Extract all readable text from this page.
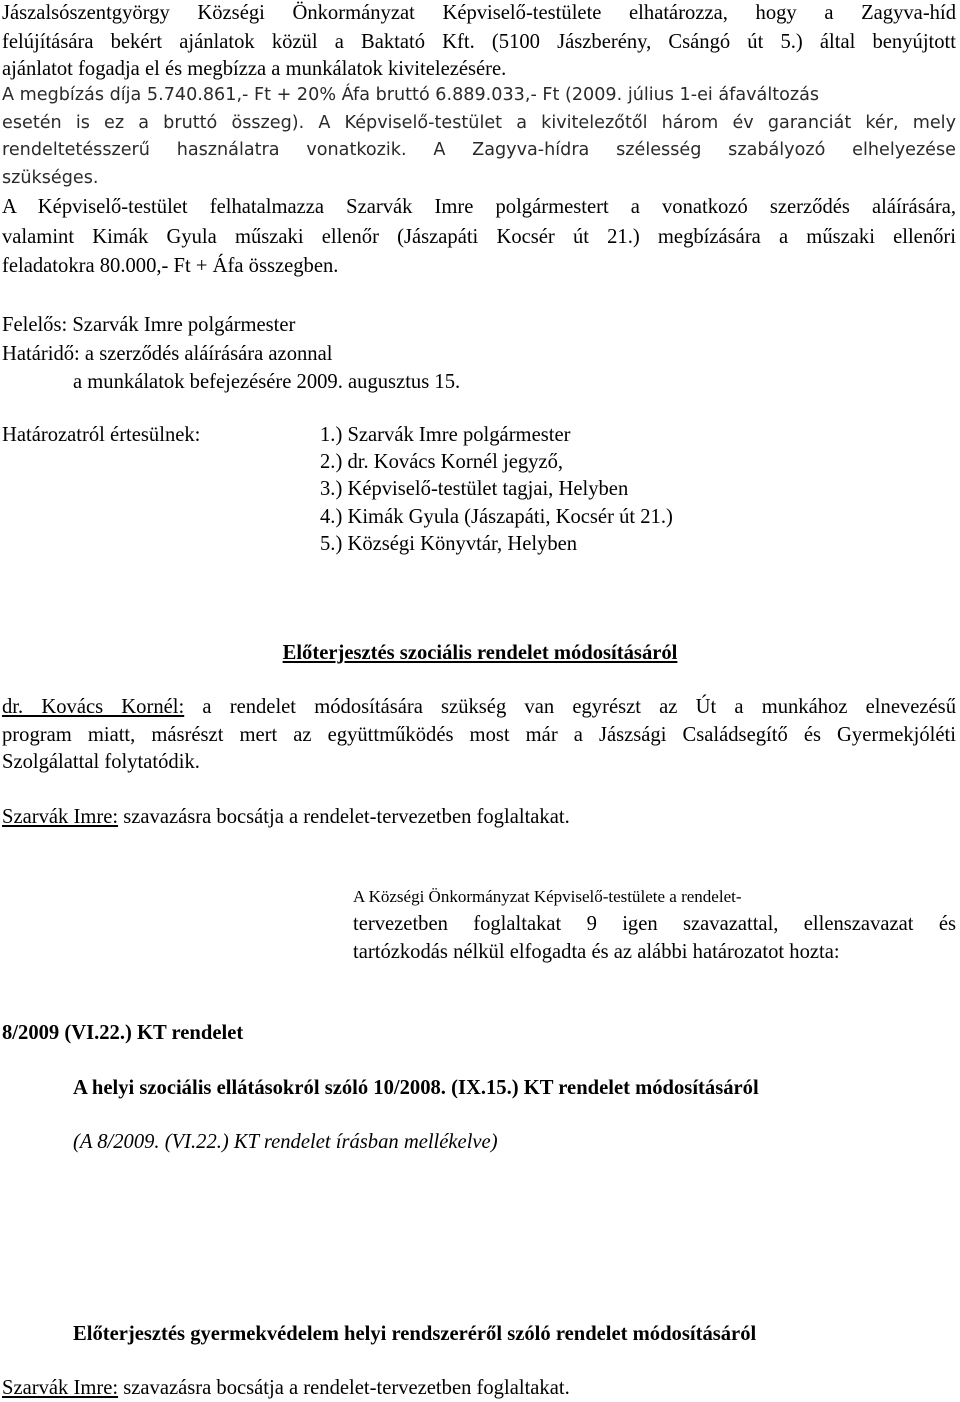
Jászalsószentgyörgy Községi Önkormányzat Képviselő-testülete elhatározza, hogy a Zagyva-híd
felújítására bekért ajánlatok közül a Baktató Kft. (5100 Jászberény, Csángó út 5.) által benyújtott
ajánlatot fogadja el és megbízza a munkálatok kivitelezésére.
A megbízás díja 5.740.861,- Ft + 20% Áfa bruttó 6.889.033,- Ft (2009. július 1-ei áfaváltozás
esetén is ez a bruttó összeg). A Képviselő-testület a kivitelezőtől három év garanciát kér, mely
rendeltetésszerű használatra vonatkozik. A Zagyva-hídra szélesség szabályozó elhelyezése
szükséges.
A Képviselő-testület felhatalmazza Szarvák Imre polgármestert a vonatkozó szerződés aláírására,
valamint Kimák Gyula műszaki ellenőr (Jászapáti Kocsér út 21.) megbízására a műszaki ellenőri
feladatokra 80.000,- Ft + Áfa összegben.
Felelős: Szarvák Imre polgármester
Határidő: a szerződés aláírására azonnal
a munkálatok befejezésére 2009. augusztus 15.
Határozatról értesülnek:	1.) Szarvák Imre polgármester
2.) dr. Kovács Kornél jegyző,
3.) Képviselő-testület tagjai, Helyben
4.) Kimák Gyula (Jászapáti, Kocsér út 21.)
5.) Községi Könyvtár, Helyben
Előterjesztés szociális rendelet módosításáról
dr. Kovács Kornél: a rendelet módosítására szükség van egyrészt az Út a munkához elnevezésű
program miatt, másrészt mert az együttműködés most már a Jászsági Családsegítő és Gyermekjóléti
Szolgálattal folytatódik.
Szarvák Imre: szavazásra bocsátja a rendelet-tervezetben foglaltakat.
A Községi Önkormányzat Képviselő-testülete a rendelet-
tervezetben foglaltakat 9 igen szavazattal, ellenszavazat és
tartózkodás nélkül elfogadta és az alábbi határozatot hozta:
8/2009 (VI.22.) KT rendelet
A helyi szociális ellátásokról szóló 10/2008. (IX.15.) KT rendelet módosításáról
(A 8/2009. (VI.22.) KT rendelet írásban mellékelve)
Előterjesztés gyermekvédelem helyi rendszeréről szóló rendelet módosításáról
Szarvák Imre: szavazásra bocsátja a rendelet-tervezetben foglaltakat.
